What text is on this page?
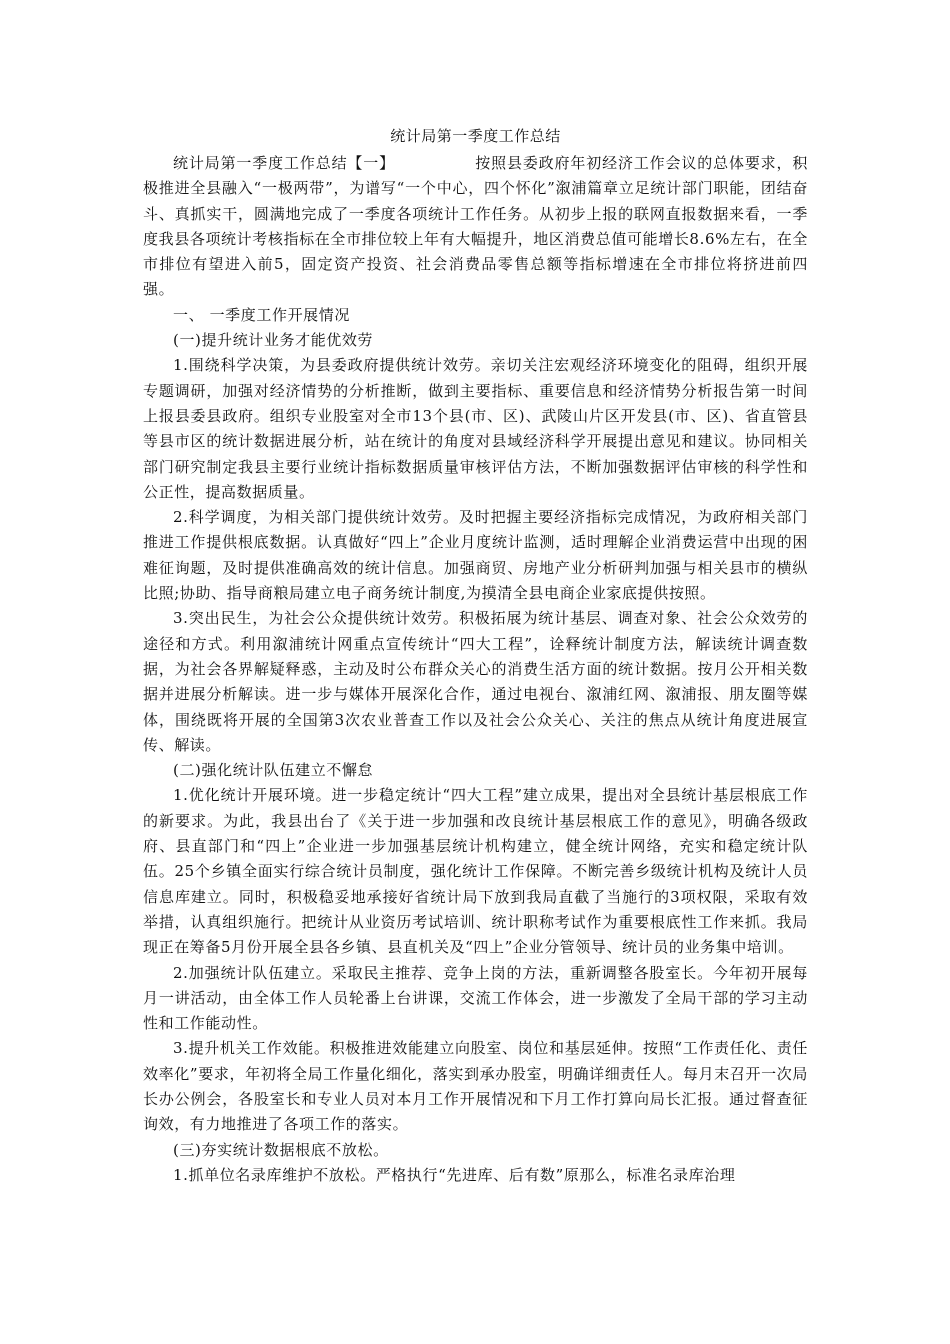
统计局第一季度工作总结

统计局第一季度工作总结【一】	按照县委政府年初经济工作会议的总体要求，积极推进全县融入“一极两带”，为谱写“一个中心，四个怀化”溆浦篇章立足统计部门职能，团结奋斗、真抓实干，圆满地完成了一季度各项统计工作任务。从初步上报的联网直报数据来看，一季度我县各项统计考核指标在全市排位较上年有大幅提升，地区消费总值可能增长8.6%左右，在全市排位有望进入前5，固定资产投资、社会消费品零售总额等指标增速在全市排位将挤进前四强。

一、 一季度工作开展情况

(一)提升统计业务才能优效劳

1.围绕科学决策，为县委政府提供统计效劳。亲切关注宏观经济环境变化的阻碍，组织开展专题调研，加强对经济情势的分析推断，做到主要指标、重要信息和经济情势分析报告第一时间上报县委县政府。组织专业股室对全市13个县(市、区)、武陵山片区开发县(市、区)、省直管县等县市区的统计数据进展分析，站在统计的角度对县域经济科学开展提出意见和建议。协同相关部门研究制定我县主要行业统计指标数据质量审核评估方法，不断加强数据评估审核的科学性和公正性，提高数据质量。

2.科学调度，为相关部门提供统计效劳。及时把握主要经济指标完成情况，为政府相关部门推进工作提供根底数据。认真做好“四上”企业月度统计监测，适时理解企业消费运营中出现的困难征询题，及时提供准确高效的统计信息。加强商贸、房地产业分析研判加强与相关县市的横纵比照;协助、指导商粮局建立电子商务统计制度,为摸清全县电商企业家底提供按照。

3.突出民生，为社会公众提供统计效劳。积极拓展为统计基层、调查对象、社会公众效劳的途径和方式。利用溆浦统计网重点宣传统计“四大工程”，诠释统计制度方法，解读统计调查数据，为社会各界解疑释惑，主动及时公布群众关心的消费生活方面的统计数据。按月公开相关数据并进展分析解读。进一步与媒体开展深化合作，通过电视台、溆浦红网、溆浦报、朋友圈等媒体，围绕既将开展的全国第3次农业普查工作以及社会公众关心、关注的焦点从统计角度进展宣传、解读。

(二)强化统计队伍建立不懈怠

1.优化统计开展环境。进一步稳定统计“四大工程”建立成果，提出对全县统计基层根底工作的新要求。为此，我县出台了《关于进一步加强和改良统计基层根底工作的意见》，明确各级政府、县直部门和“四上”企业进一步加强基层统计机构建立，健全统计网络，充实和稳定统计队伍。25个乡镇全面实行综合统计员制度，强化统计工作保障。不断完善乡级统计机构及统计人员信息库建立。同时，积极稳妥地承接好省统计局下放到我局直截了当施行的3项权限，采取有效举措，认真组织施行。把统计从业资历考试培训、统计职称考试作为重要根底性工作来抓。我局现正在筹备5月份开展全县各乡镇、县直机关及“四上”企业分管领导、统计员的业务集中培训。

2.加强统计队伍建立。采取民主推荐、竞争上岗的方法，重新调整各股室长。今年初开展每月一讲活动，由全体工作人员轮番上台讲课，交流工作体会，进一步激发了全局干部的学习主动性和工作能动性。

3.提升机关工作效能。积极推进效能建立向股室、岗位和基层延伸。按照“工作责任化、责任效率化”要求，年初将全局工作量化细化，落实到承办股室，明确详细责任人。每月末召开一次局长办公例会，各股室长和专业人员对本月工作开展情况和下月工作打算向局长汇报。通过督查征询效，有力地推进了各项工作的落实。

(三)夯实统计数据根底不放松。

1.抓单位名录库维护不放松。严格执行“先进库、后有数”原那么，标准名录库治理
